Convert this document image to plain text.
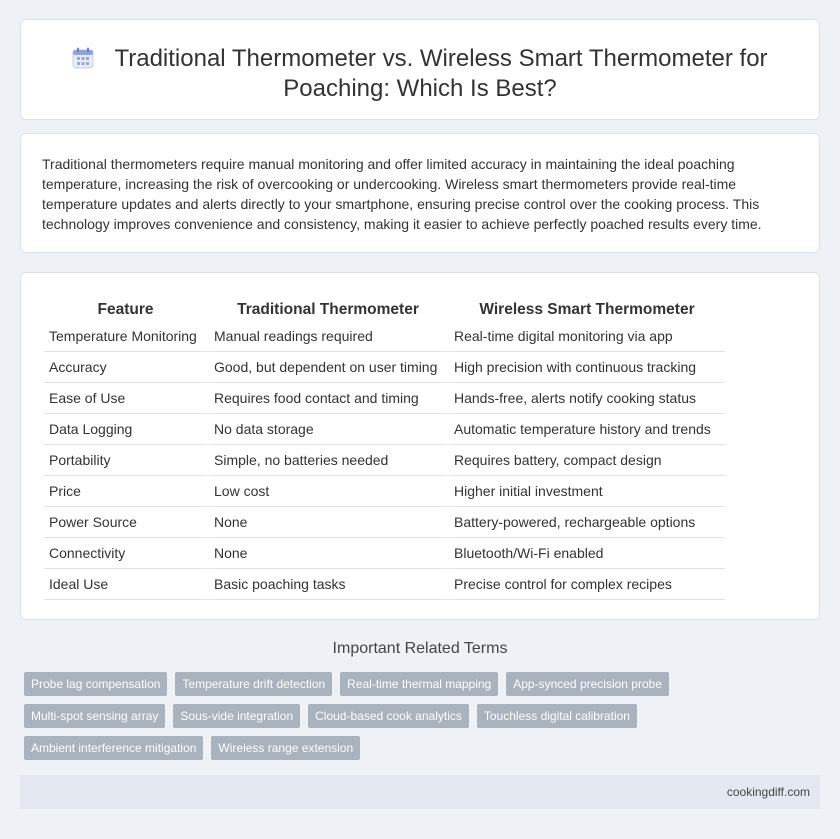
Traditional Thermometer vs. Wireless Smart Thermometer for Poaching: Which Is Best?

Traditional thermometers require manual monitoring and offer limited accuracy in maintaining the ideal poaching temperature, increasing the risk of overcooking or undercooking. Wireless smart thermometers provide real-time temperature updates and alerts directly to your smartphone, ensuring precise control over the cooking process. This technology improves convenience and consistency, making it easier to achieve perfectly poached results every time.

Feature	Traditional Thermometer	Wireless Smart Thermometer
Temperature Monitoring	Manual readings required	Real-time digital monitoring via app
Accuracy	Good, but dependent on user timing	High precision with continuous tracking
Ease of Use	Requires food contact and timing	Hands-free, alerts notify cooking status
Data Logging	No data storage	Automatic temperature history and trends
Portability	Simple, no batteries needed	Requires battery, compact design
Price	Low cost	Higher initial investment
Power Source	None	Battery-powered, rechargeable options
Connectivity	None	Bluetooth/Wi-Fi enabled
Ideal Use	Basic poaching tasks	Precise control for complex recipes
Important Related Terms
Probe lag compensation	Temperature drift detection	Real-time thermal mapping	App-synced precision probe
Multi-spot sensing array	Sous-vide integration	Cloud-based cook analytics	Touchless digital calibration
Ambient interference mitigation	Wireless range extension
cookingdiff.com
